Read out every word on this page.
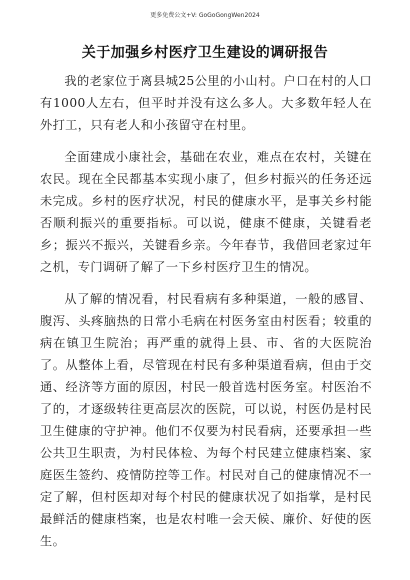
更多免费公文+V: GoGoGongWen2024
关于加强乡村医疗卫生建设的调研报告

我的老家位于离县城25公里的小山村。户口在村的人口有1000人左右，但平时并没有这么多人。大多数年轻人在外打工，只有老人和小孩留守在村里。

全面建成小康社会，基础在农业，难点在农村，关键在农民。现在全民都基本实现小康了，但乡村振兴的任务还远未完成。乡村的医疗状况，村民的健康水平，是事关乡村能否顺利振兴的重要指标。可以说，健康不健康，关键看老乡；振兴不振兴，关键看乡亲。今年春节，我借回老家过年之机，专门调研了解了一下乡村医疗卫生的情况。

从了解的情况看，村民看病有多种渠道，一般的感冒、腹泻、头疼脑热的日常小毛病在村医务室由村医看；较重的病在镇卫生院治；再严重的就得上县、市、省的大医院治了。从整体上看，尽管现在村民有多种渠道看病，但由于交通、经济等方面的原因，村民一般首选村医务室。村医治不了的，才逐级转往更高层次的医院，可以说，村医仍是村民卫生健康的守护神。他们不仅要为村民看病，还要承担一些公共卫生职责，为村民体检、为每个村民建立健康档案、家庭医生签约、疫情防控等工作。村民对自己的健康情况不一定了解，但村医却对每个村民的健康状况了如指掌，是村民最鲜活的健康档案，也是农村唯一会天候、廉价、好使的医生。
